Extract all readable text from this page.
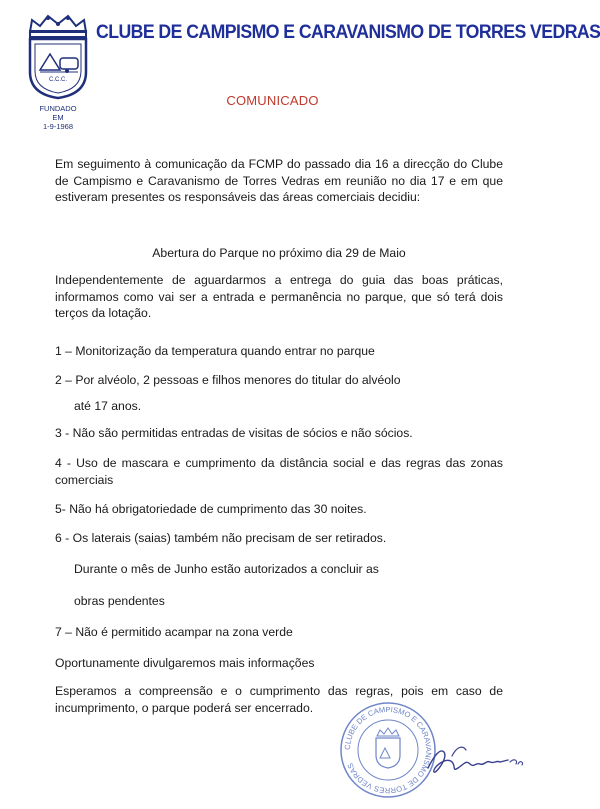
C.C.C.
FUNDADO
EM
1-9-1968
CLUBE DE CAMPISMO E CARAVANISMO DE TORRES VEDRAS
COMUNICADO
Em seguimento à comunicação da FCMP do passado dia 16 a direcção do Clube de Campismo e Caravanismo de Torres Vedras em reunião no dia 17 e em que estiveram presentes os responsáveis das áreas comerciais decidiu:
Abertura do Parque no próximo dia 29 de Maio
Independentemente de aguardarmos a entrega do guia das boas práticas, informamos como vai ser a entrada e permanência no parque, que só terá dois terços da lotação.
1 – Monitorização da temperatura quando entrar no parque
2 – Por alvéolo, 2 pessoas e filhos menores do titular do alvéolo
até 17 anos.
3 - Não são permitidas entradas de visitas de sócios e não sócios.
4 - Uso de mascara e cumprimento da distância social e das regras das zonas comerciais
5- Não há obrigatoriedade de cumprimento das 30 noites.
6 - Os laterais (saias) também não precisam de ser retirados.
Durante o mês de Junho estão autorizados a concluir as
obras pendentes
7 – Não é permitido acampar na zona verde
Oportunamente divulgaremos mais informações
Esperamos a compreensão e o cumprimento das regras, pois em caso de incumprimento, o parque poderá ser encerrado.
CLUBE DE CAMPISMO E CARAVANISMO DE TORRES VEDRAS
